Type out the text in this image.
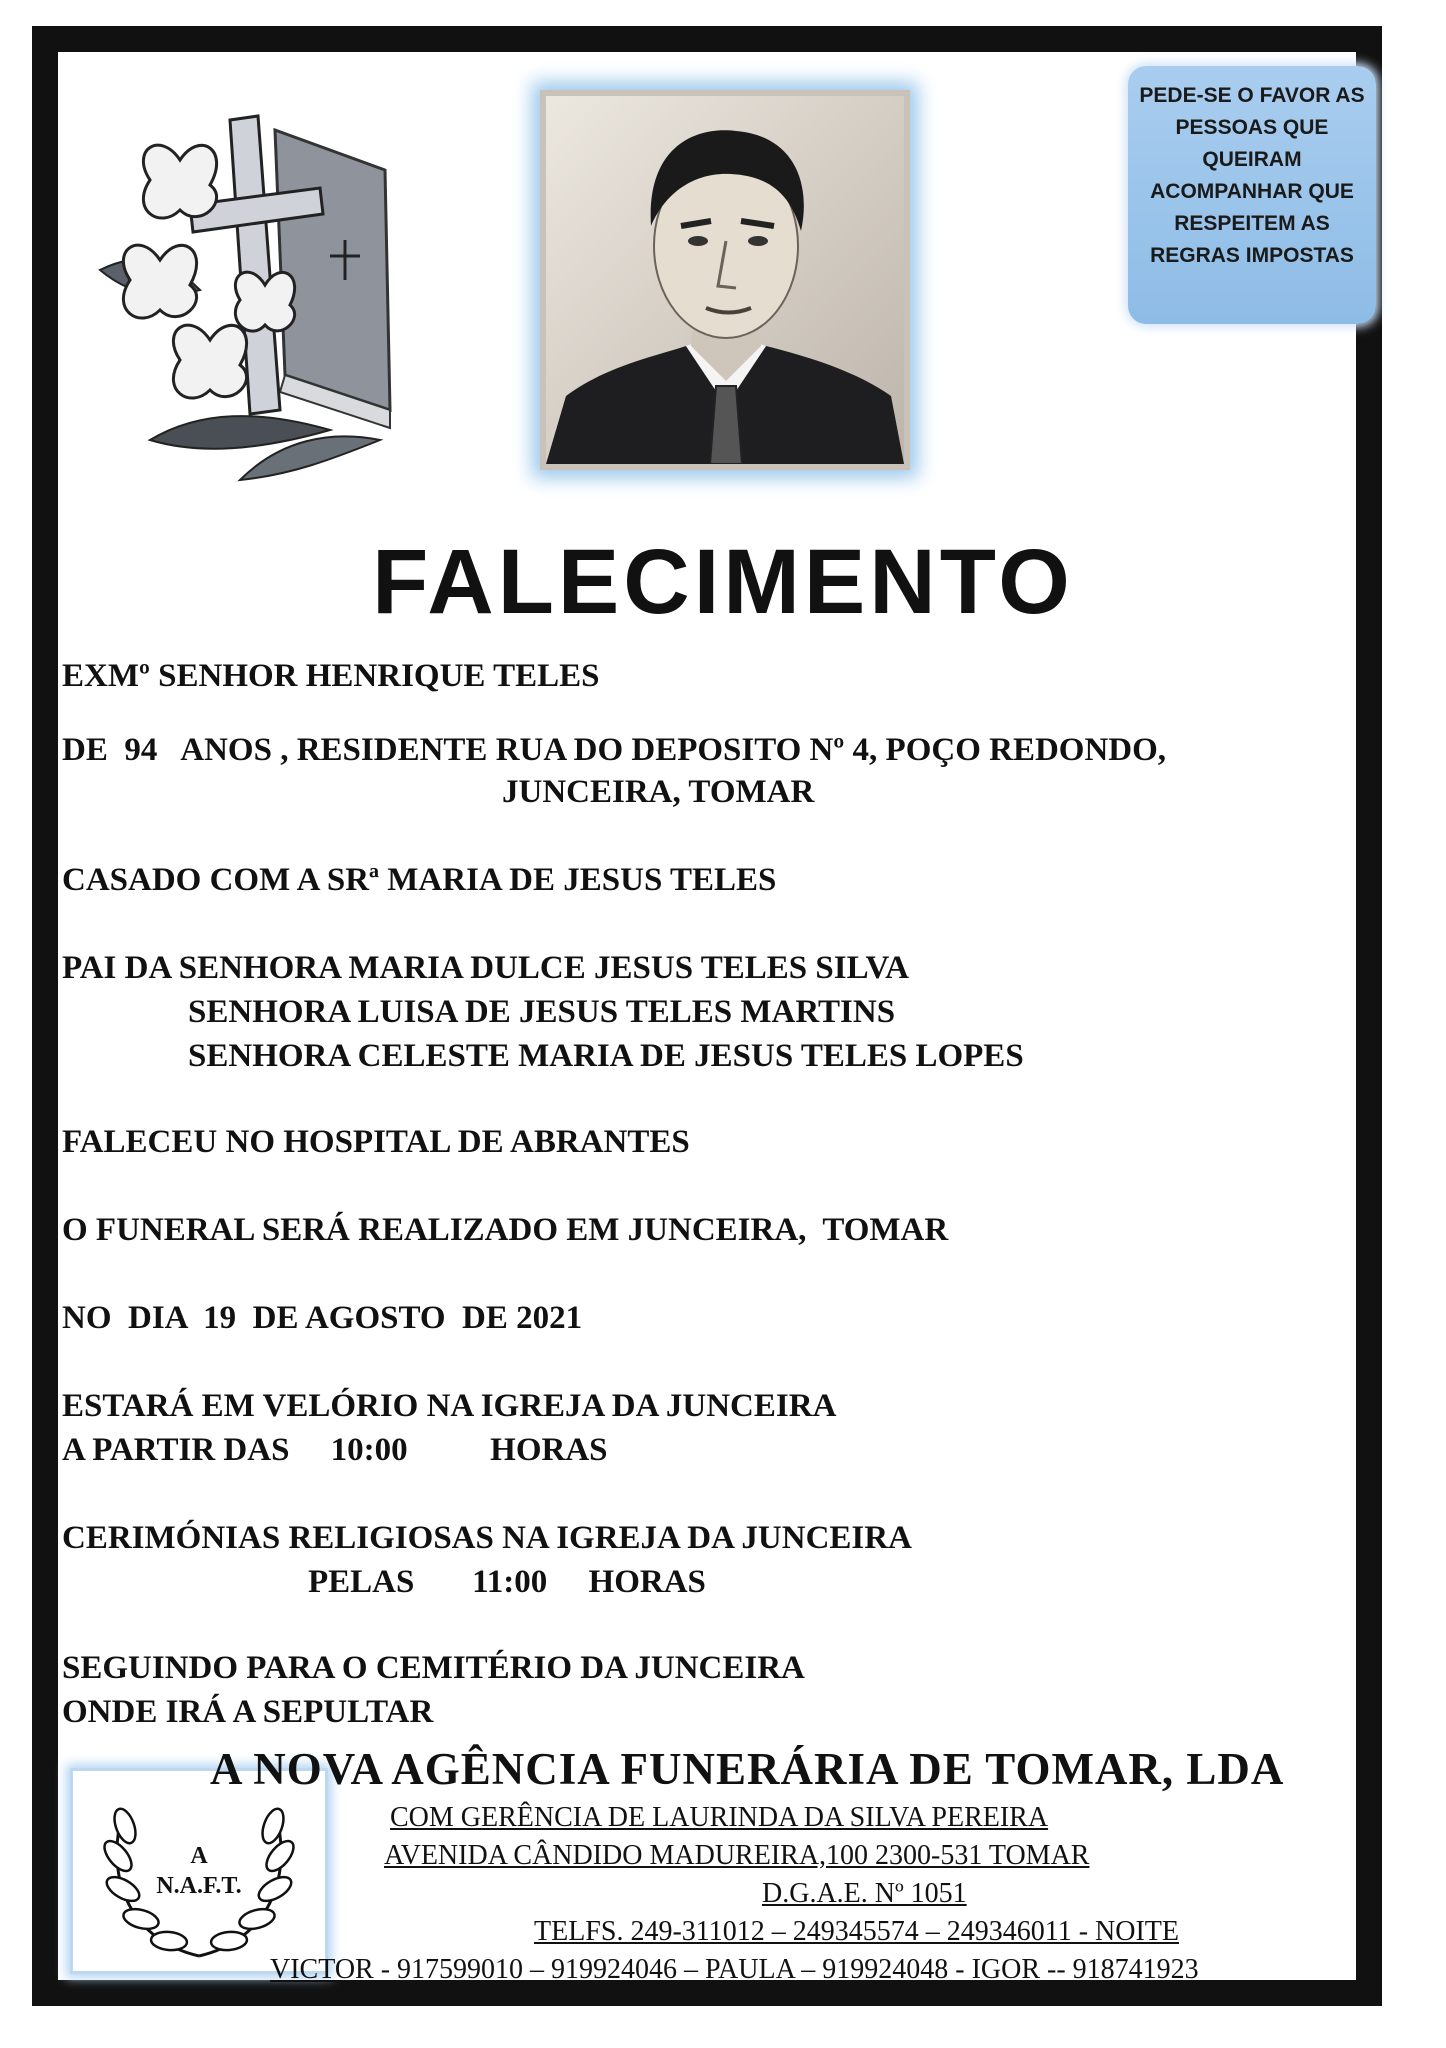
PEDE-SE O FAVOR AS
PESSOAS QUE
QUEIRAM
ACOMPANHAR QUE
RESPEITEM AS
REGRAS IMPOSTAS
FALECIMENTO
EXMº SENHOR HENRIQUE TELES
DE  94   ANOS , RESIDENTE RUA DO DEPOSITO Nº 4, POÇO REDONDO,
JUNCEIRA, TOMAR
CASADO COM A SRª MARIA DE JESUS TELES
PAI DA SENHORA MARIA DULCE JESUS TELES SILVA
SENHORA LUISA DE JESUS TELES MARTINS
SENHORA CELESTE MARIA DE JESUS TELES LOPES
FALECEU NO HOSPITAL DE ABRANTES
O FUNERAL SERÁ REALIZADO EM JUNCEIRA,  TOMAR
NO  DIA  19  DE AGOSTO  DE 2021
ESTARÁ EM VELÓRIO NA IGREJA DA JUNCEIRA
A PARTIR DAS     10:00          HORAS
CERIMÓNIAS RELIGIOSAS NA IGREJA DA JUNCEIRA
PELAS       11:00     HORAS
SEGUINDO PARA O CEMITÉRIO DA JUNCEIRA
ONDE IRÁ A SEPULTAR
A
N.A.F.T.
A NOVA AGÊNCIA FUNERÁRIA DE TOMAR, LDA
COM GERÊNCIA DE LAURINDA DA SILVA PEREIRA
AVENIDA CÂNDIDO MADUREIRA,100 2300-531 TOMAR
D.G.A.E. Nº 1051
TELFS. 249-311012 – 249345574 – 249346011 - NOITE
VICTOR - 917599010 – 919924046 – PAULA – 919924048 - IGOR -- 918741923
